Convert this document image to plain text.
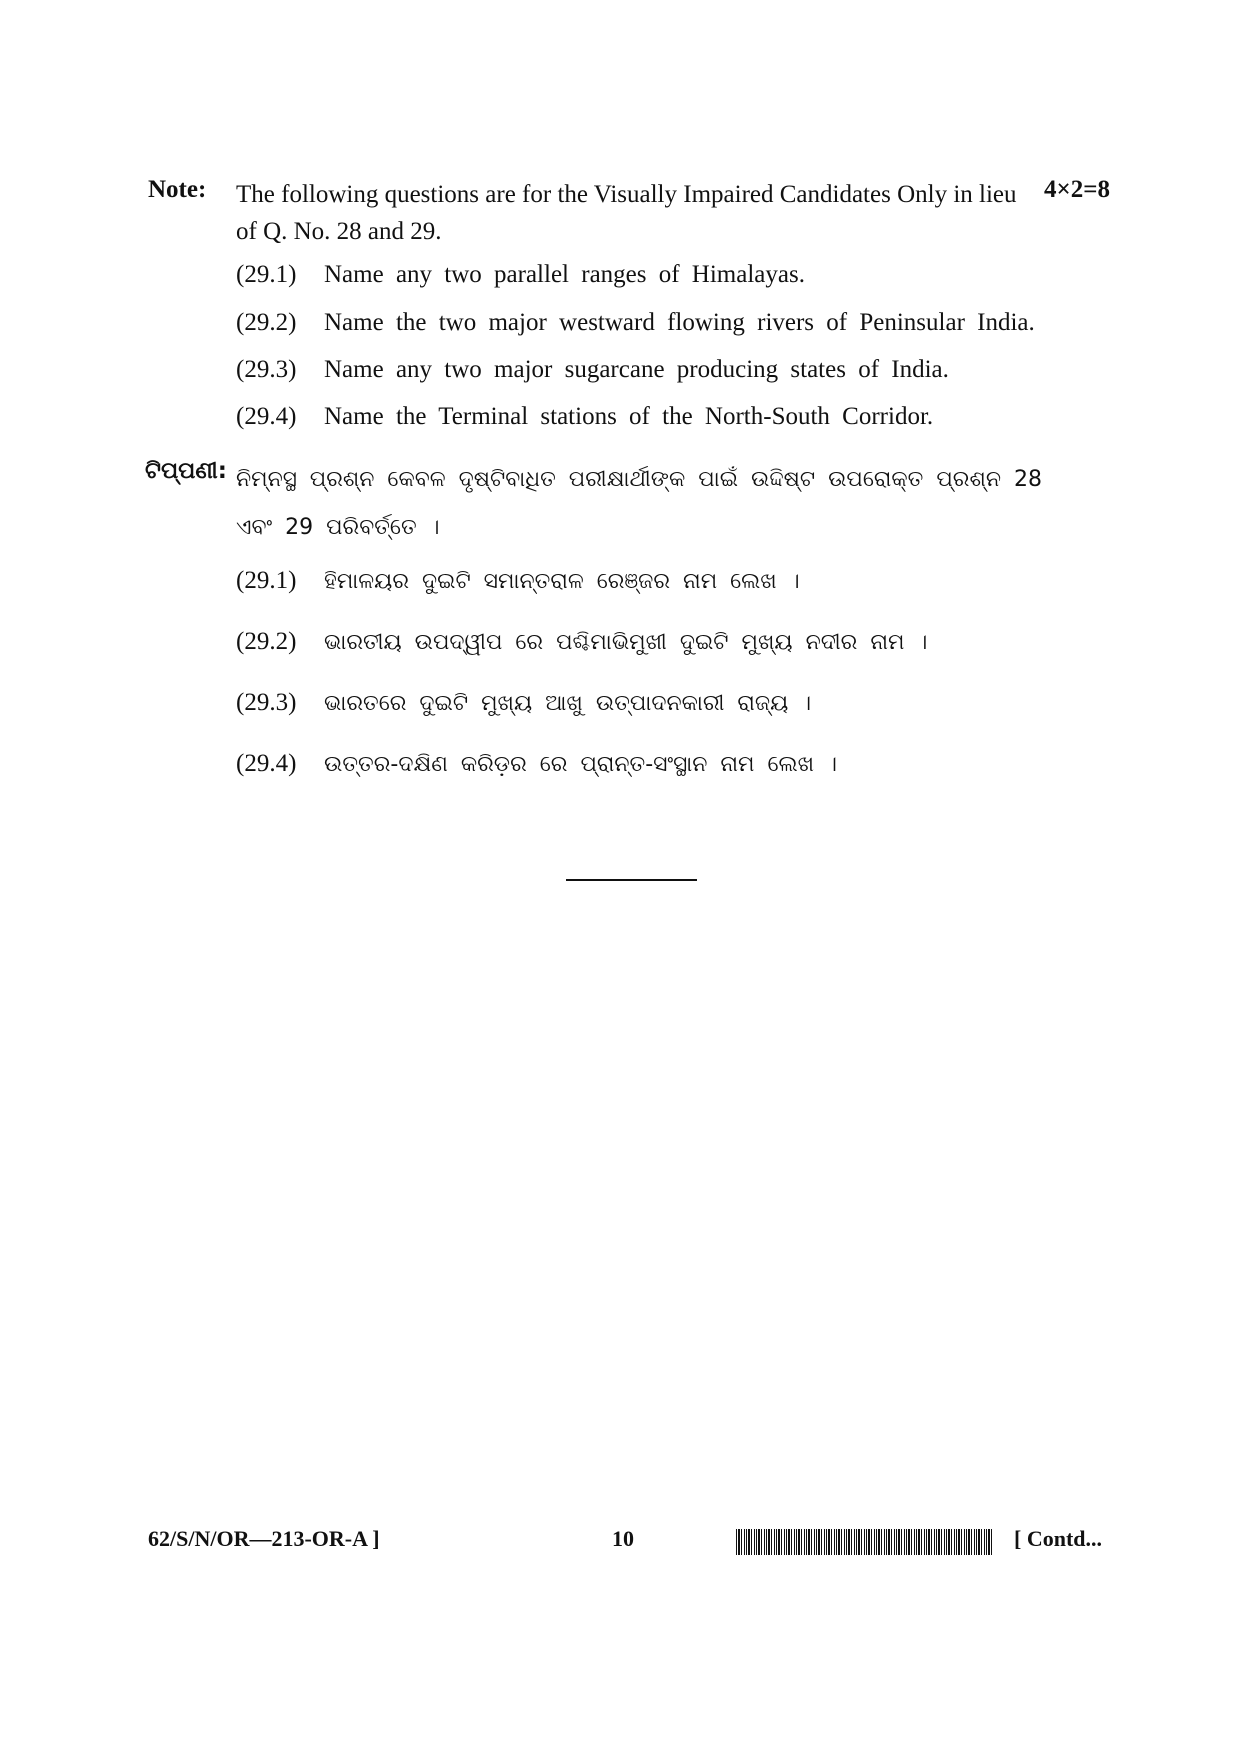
Note: The following questions are for the Visually Impaired Candidates Only in lieu of Q. No. 28 and 29.
4×2=8
(29.1) Name any two parallel ranges of Himalayas.
(29.2) Name the two major westward flowing rivers of Peninsular India.
(29.3) Name any two major sugarcane producing states of India.
(29.4) Name the Terminal stations of the North-South Corridor.
ଟିପ୍ପଣୀ: ନିମ୍ନସ୍ଥ ପ୍ରଶ୍ନ କେବଳ ଦୃଷ୍ଟିବାଧିତ ପରୀକ୍ଷାର୍ଥୀଙ୍କ ପାଇଁ ଉଦ୍ଦିଷ୍ଟ ଉପରୋକ୍ତ ପ୍ରଶ୍ନ 28 ଏବଂ 29 ପରିବର୍ତ୍ତେ ।
(29.1) ହିମାଳୟର ଦୁଇଟି ସମାନ୍ତରାଳ ରେଞ୍ଜର ନାମ ଲେଖ ।
(29.2) ଭାରତୀୟ ଉପଦ୍ୱୀପ ରେ ପଶ୍ଚିମାଭିମୁଖୀ ଦୁଇଟି ମୁଖ୍ୟ ନଦୀର ନାମ ।
(29.3) ଭାରତରେ ଦୁଇଟି ମୁଖ୍ୟ ଆଖୁ ଉତ୍ପାଦନକାରୀ ରାଜ୍ୟ ।
(29.4) ଉତ୍ତର-ଦକ୍ଷିଣ କରିଡ଼ର ରେ ପ୍ରାନ୍ତ-ସଂସ୍ଥାନ ନାମ ଲେଖ ।
62/S/N/OR—213-OR-A ]	10	[ Contd...
